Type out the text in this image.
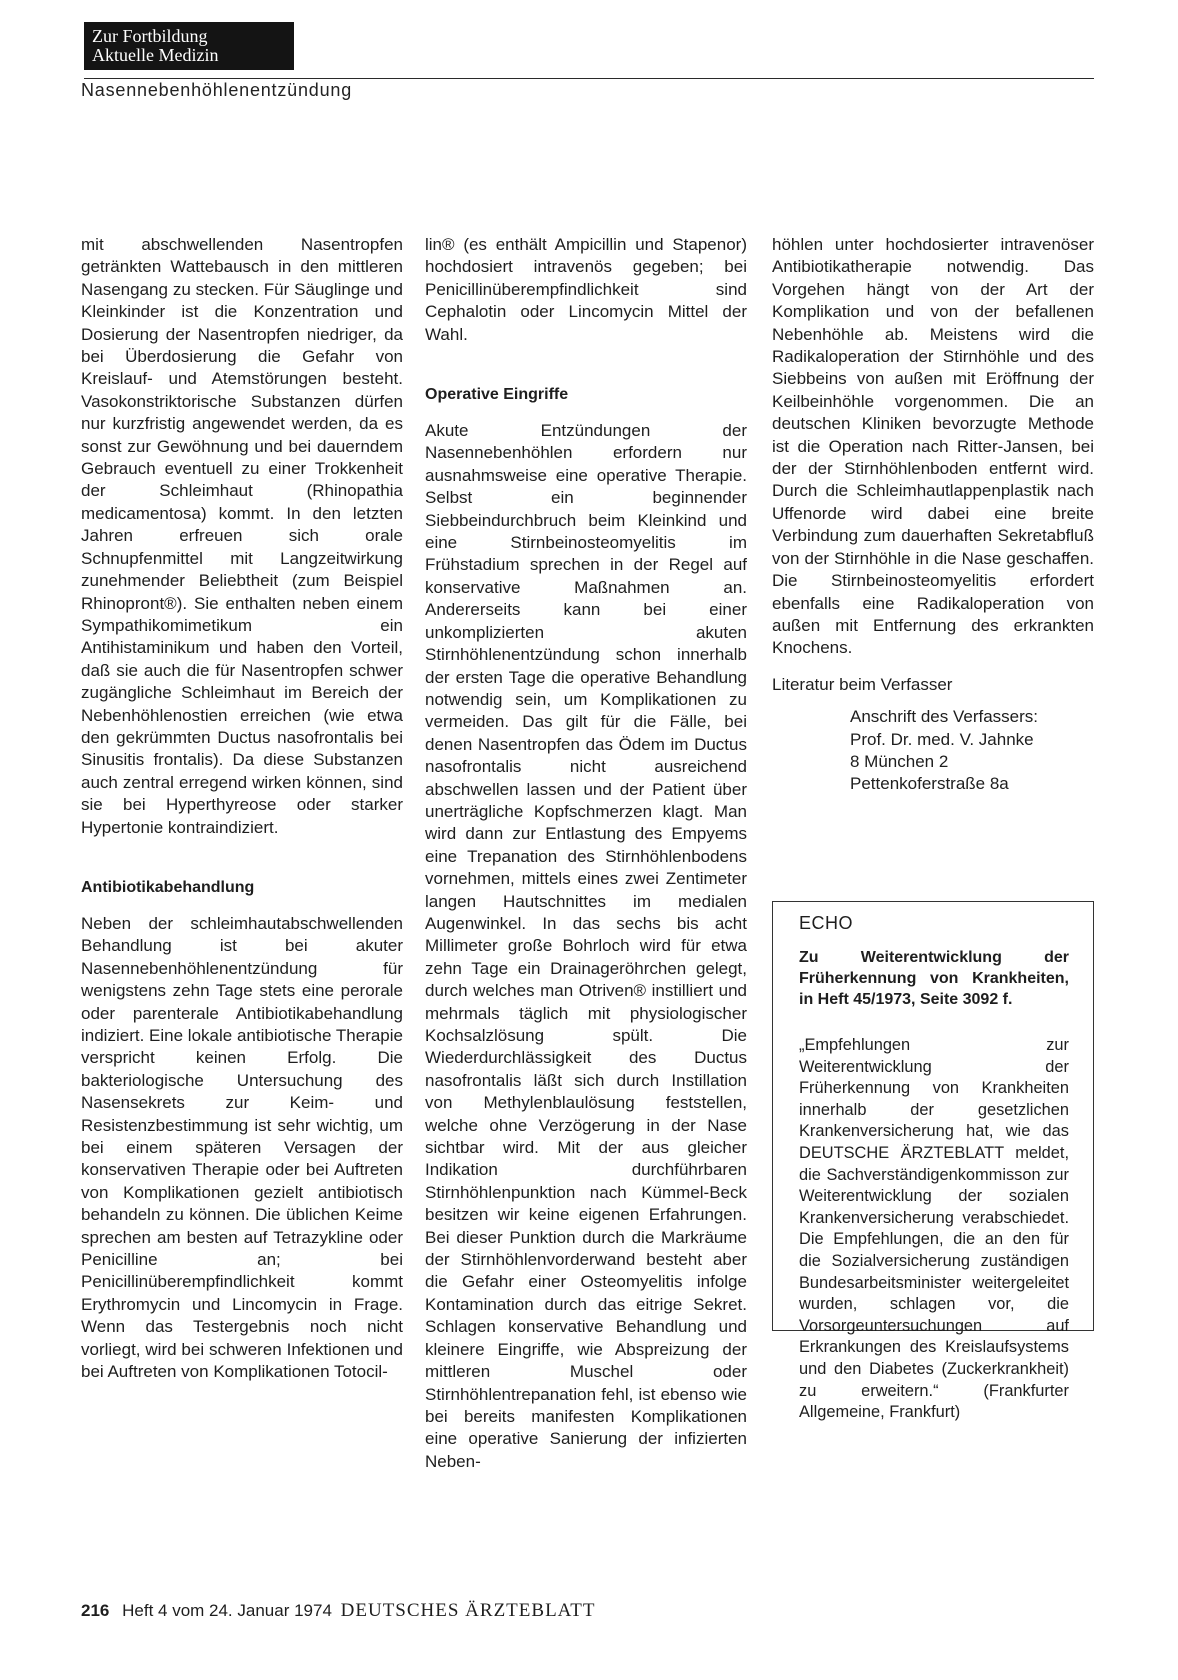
Zur Fortbildung
Aktuelle Medizin
Nasennebenhöhlenentzündung

mit abschwellenden Nasentropfen getränkten Wattebausch in den mittleren Nasengang zu stecken. Für Säuglinge und Kleinkinder ist die Konzentration und Dosierung der Nasentropfen niedriger, da bei Überdosierung die Gefahr von Kreislauf- und Atemstörungen besteht. Vasokonstriktorische Substanzen dürfen nur kurzfristig angewendet werden, da es sonst zur Gewöhnung und bei dauerndem Gebrauch eventuell zu einer Trokkenheit der Schleimhaut (Rhinopathia medicamentosa) kommt. In den letzten Jahren erfreuen sich orale Schnupfenmittel mit Langzeitwirkung zunehmender Beliebtheit (zum Beispiel Rhinopront®). Sie enthalten neben einem Sympathikomimetikum ein Antihistaminikum und haben den Vorteil, daß sie auch die für Nasentropfen schwer zugängliche Schleimhaut im Bereich der Nebenhöhlenostien erreichen (wie etwa den gekrümmten Ductus nasofrontalis bei Sinusitis frontalis). Da diese Substanzen auch zentral erregend wirken können, sind sie bei Hyperthyreose oder starker Hypertonie kontraindiziert.

Antibiotikabehandlung

Neben der schleimhautabschwellenden Behandlung ist bei akuter Nasennebenhöhlenentzündung für wenigstens zehn Tage stets eine perorale oder parenterale Antibiotikabehandlung indiziert. Eine lokale antibiotische Therapie verspricht keinen Erfolg. Die bakteriologische Untersuchung des Nasensekrets zur Keim- und Resistenzbestimmung ist sehr wichtig, um bei einem späteren Versagen der konservativen Therapie oder bei Auftreten von Komplikationen gezielt antibiotisch behandeln zu können. Die üblichen Keime sprechen am besten auf Tetrazykline oder Penicilline an; bei Penicillinüberempfindlichkeit kommt Erythromycin und Lincomycin in Frage. Wenn das Testergebnis noch nicht vorliegt, wird bei schweren Infektionen und bei Auftreten von Komplikationen Totocil-

lin® (es enthält Ampicillin und Stapenor) hochdosiert intravenös gegeben; bei Penicillinüberempfindlichkeit sind Cephalotin oder Lincomycin Mittel der Wahl.

Operative Eingriffe

Akute Entzündungen der Nasennebenhöhlen erfordern nur ausnahmsweise eine operative Therapie. Selbst ein beginnender Siebbeindurchbruch beim Kleinkind und eine Stirnbeinosteomyelitis im Frühstadium sprechen in der Regel auf konservative Maßnahmen an. Andererseits kann bei einer unkomplizierten akuten Stirnhöhlenentzündung schon innerhalb der ersten Tage die operative Behandlung notwendig sein, um Komplikationen zu vermeiden. Das gilt für die Fälle, bei denen Nasentropfen das Ödem im Ductus nasofrontalis nicht ausreichend abschwellen lassen und der Patient über unerträgliche Kopfschmerzen klagt. Man wird dann zur Entlastung des Empyems eine Trepanation des Stirnhöhlenbodens vornehmen, mittels eines zwei Zentimeter langen Hautschnittes im medialen Augenwinkel. In das sechs bis acht Millimeter große Bohrloch wird für etwa zehn Tage ein Drainageröhrchen gelegt, durch welches man Otriven® instilliert und mehrmals täglich mit physiologischer Kochsalzlösung spült. Die Wiederdurchlässigkeit des Ductus nasofrontalis läßt sich durch Instillation von Methylenblaulösung feststellen, welche ohne Verzögerung in der Nase sichtbar wird. Mit der aus gleicher Indikation durchführbaren Stirnhöhlenpunktion nach Kümmel-Beck besitzen wir keine eigenen Erfahrungen. Bei dieser Punktion durch die Markräume der Stirnhöhlenvorderwand besteht aber die Gefahr einer Osteomyelitis infolge Kontamination durch das eitrige Sekret. Schlagen konservative Behandlung und kleinere Eingriffe, wie Abspreizung der mittleren Muschel oder Stirnhöhlentrepanation fehl, ist ebenso wie bei bereits manifesten Komplikationen eine operative Sanierung der infizierten Neben-

höhlen unter hochdosierter intravenöser Antibiotikatherapie notwendig. Das Vorgehen hängt von der Art der Komplikation und von der befallenen Nebenhöhle ab. Meistens wird die Radikaloperation der Stirnhöhle und des Siebbeins von außen mit Eröffnung der Keilbeinhöhle vorgenommen. Die an deutschen Kliniken bevorzugte Methode ist die Operation nach Ritter-Jansen, bei der der Stirnhöhlenboden entfernt wird. Durch die Schleimhautlappenplastik nach Uffenorde wird dabei eine breite Verbindung zum dauerhaften Sekretabfluß von der Stirnhöhle in die Nase geschaffen. Die Stirnbeinosteomyelitis erfordert ebenfalls eine Radikaloperation von außen mit Entfernung des erkrankten Knochens.

Literatur beim Verfasser

Anschrift des Verfassers:
Prof. Dr. med. V. Jahnke
8 München 2
Pettenkoferstraße 8a
ECHO

Zu Weiterentwicklung der Früherkennung von Krankheiten, in Heft 45/1973, Seite 3092 f.

„Empfehlungen zur Weiterentwicklung der Früherkennung von Krankheiten innerhalb der gesetzlichen Krankenversicherung hat, wie das DEUTSCHE ÄRZTEBLATT meldet, die Sachverständigenkommisson zur Weiterentwicklung der sozialen Krankenversicherung verabschiedet. Die Empfehlungen, die an den für die Sozialversicherung zuständigen Bundesarbeitsminister weitergeleitet wurden, schlagen vor, die Vorsorgeuntersuchungen auf Erkrankungen des Kreislaufsystems und den Diabetes (Zuckerkrankheit) zu erweitern.“ (Frankfurter Allgemeine, Frankfurt)

216 Heft 4 vom 24. Januar 1974 DEUTSCHES ÄRZTEBLATT
